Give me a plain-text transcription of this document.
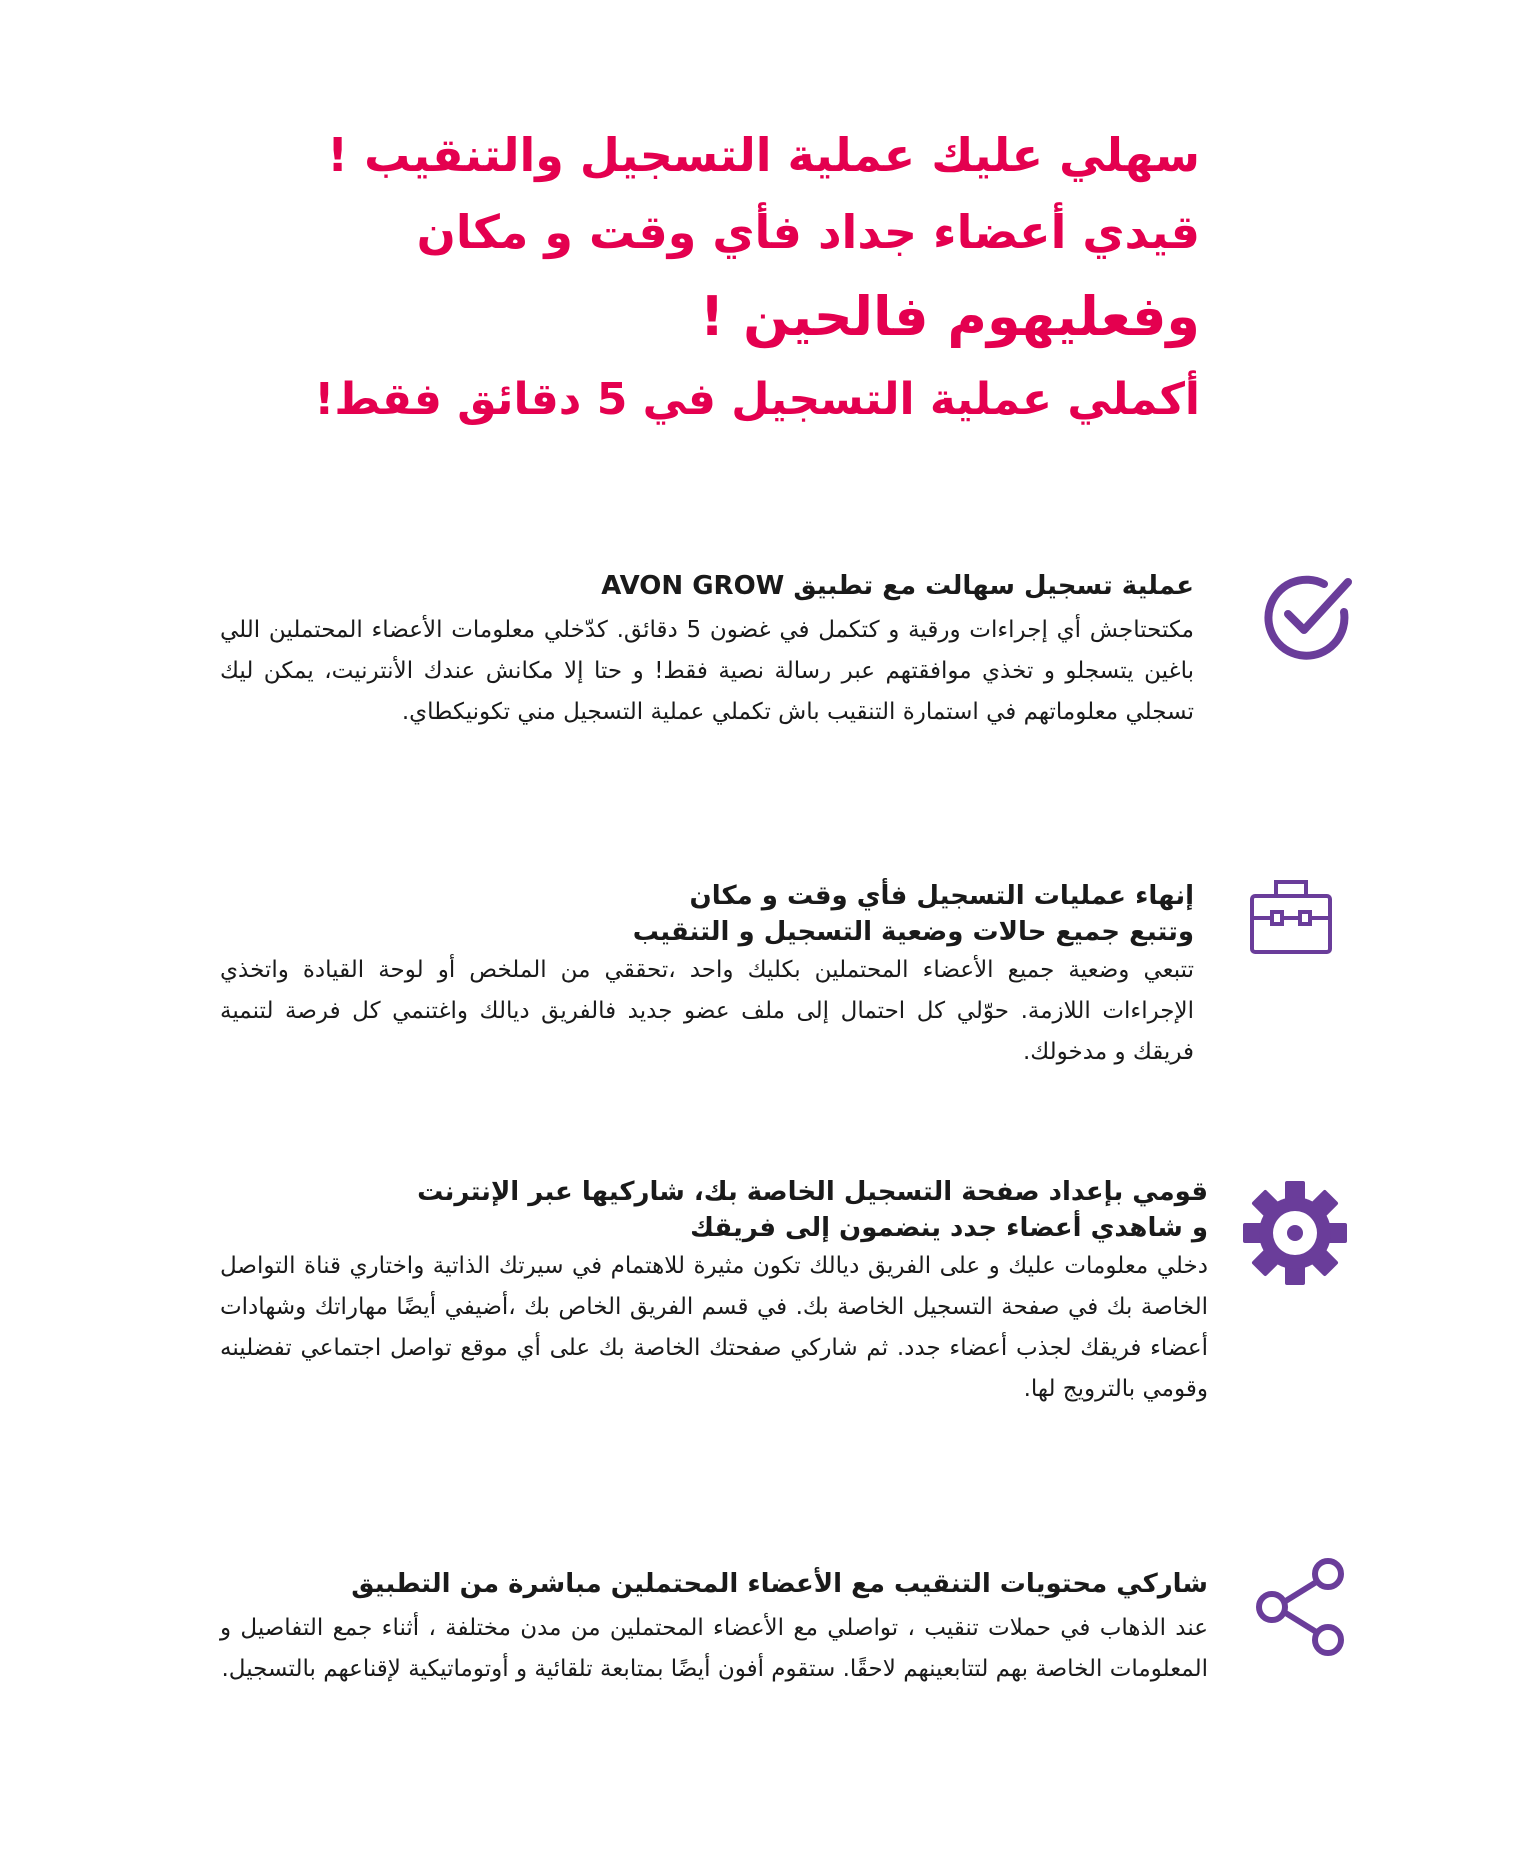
سهلي عليك عملية التسجيل والتنقيب !
قيدي أعضاء جداد فأي وقت و مكان
وفعليهوم فالحين !
أكملي عملية التسجيل في 5 دقائق فقط!
عملية تسجيل سهالت مع تطبيق AVON GROW
مكتحتاجش أي إجراءات ورقية و كتكمل في غضون 5 دقائق. كدّخلي معلومات الأعضاء المحتملين اللي باغين يتسجلو و تخذي موافقتهم عبر رسالة نصية فقط! و حتا إلا مكانش عندك الأنترنيت، يمكن ليك تسجلي معلوماتهم في استمارة التنقيب باش تكملي عملية التسجيل مني تكونيكطاي.
إنهاء عمليات التسجيل فأي وقت و مكان
وتتبع جميع حالات وضعية التسجيل و التنقيب
تتبعي وضعية جميع الأعضاء المحتملين بكليك واحد ،تحققي من الملخص أو لوحة القيادة واتخذي الإجراءات اللازمة. حوّلي كل احتمال إلى ملف عضو جديد فالفريق ديالك واغتنمي كل فرصة لتنمية فريقك و مدخولك.
قومي بإعداد صفحة التسجيل الخاصة بك، شاركيها عبر الإنترنت
و شاهدي أعضاء جدد ينضمون إلى فريقك
دخلي معلومات عليك و على الفريق ديالك تكون مثيرة للاهتمام في سيرتك الذاتية واختاري قناة التواصل الخاصة بك في صفحة التسجيل الخاصة بك. في قسم الفريق الخاص بك ،أضيفي أيضًا مهاراتك وشهادات أعضاء فريقك لجذب أعضاء جدد. ثم شاركي صفحتك الخاصة بك على أي موقع تواصل اجتماعي تفضلينه وقومي بالترويج لها.
شاركي محتويات التنقيب مع الأعضاء المحتملين مباشرة من التطبيق
عند الذهاب في حملات تنقيب ، تواصلي مع الأعضاء المحتملين من مدن مختلفة ، أثناء جمع التفاصيل و المعلومات الخاصة بهم لتتابعينهم لاحقًا. ستقوم أفون أيضًا بمتابعة تلقائية و أوتوماتيكية لإقناعهم بالتسجيل.
